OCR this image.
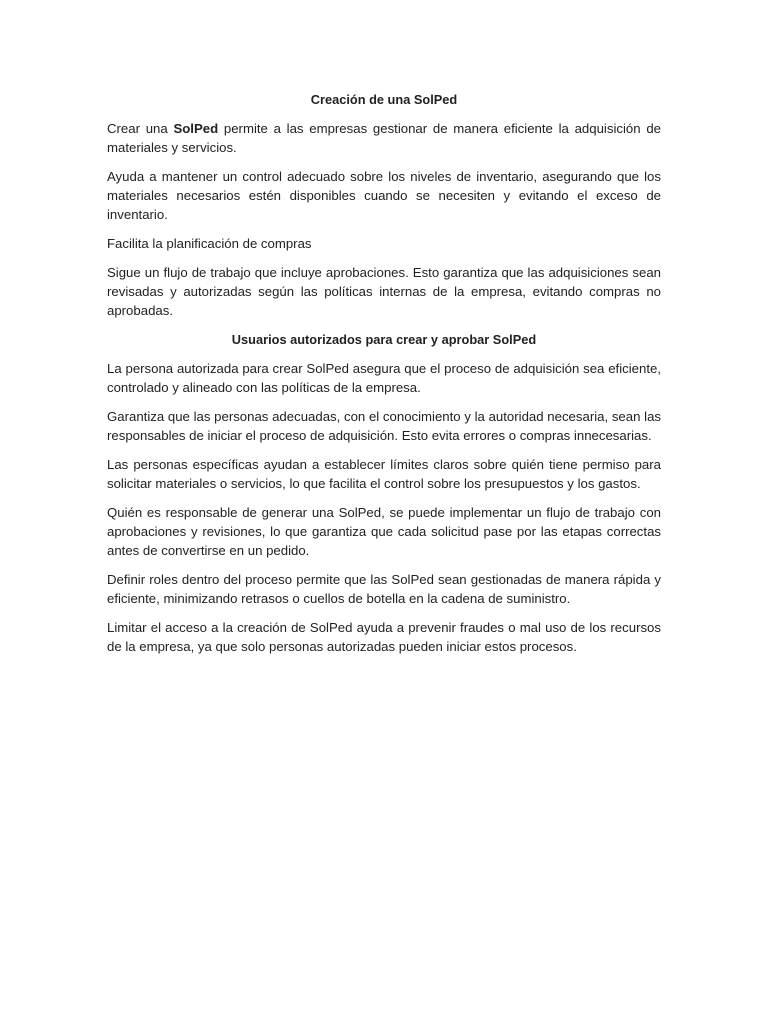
Creación de una SolPed

Crear una SolPed permite a las empresas gestionar de manera eficiente la adquisición de materiales y servicios.

Ayuda a mantener un control adecuado sobre los niveles de inventario, asegurando que los materiales necesarios estén disponibles cuando se necesiten y evitando el exceso de inventario.

Facilita la planificación de compras

Sigue un flujo de trabajo que incluye aprobaciones. Esto garantiza que las adquisiciones sean revisadas y autorizadas según las políticas internas de la empresa, evitando compras no aprobadas.

Usuarios autorizados para crear y aprobar SolPed

La persona autorizada para crear SolPed asegura que el proceso de adquisición sea eficiente, controlado y alineado con las políticas de la empresa.

Garantiza que las personas adecuadas, con el conocimiento y la autoridad necesaria, sean las responsables de iniciar el proceso de adquisición. Esto evita errores o compras innecesarias.

Las personas específicas ayudan a establecer límites claros sobre quién tiene permiso para solicitar materiales o servicios, lo que facilita el control sobre los presupuestos y los gastos.

Quién es responsable de generar una SolPed, se puede implementar un flujo de trabajo con aprobaciones y revisiones, lo que garantiza que cada solicitud pase por las etapas correctas antes de convertirse en un pedido.

Definir roles dentro del proceso permite que las SolPed sean gestionadas de manera rápida y eficiente, minimizando retrasos o cuellos de botella en la cadena de suministro.

Limitar el acceso a la creación de SolPed ayuda a prevenir fraudes o mal uso de los recursos de la empresa, ya que solo personas autorizadas pueden iniciar estos procesos.
